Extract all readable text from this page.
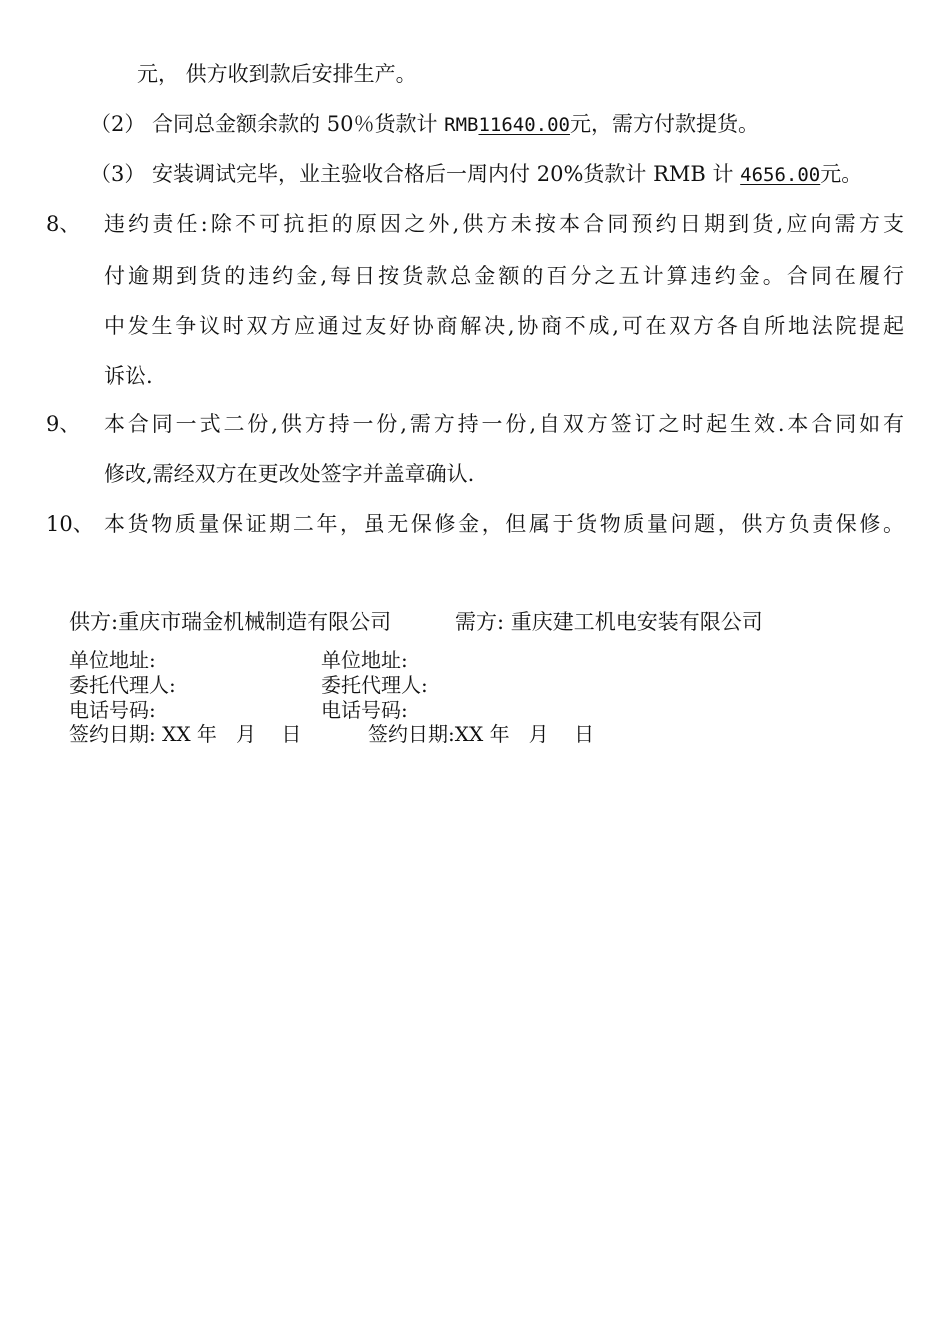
元， 供方收到款后安排生产。
（2） 合同总金额余款的 50％货款计 RMB11640.00元，需方付款提货。
（3） 安装调试完毕，业主验收合格后一周内付 20%货款计 RMB 计 4656.00元。
8、 违约责任:除不可抗拒的原因之外,供方未按本合同预约日期到货,应向需方支
付逾期到货的违约金,每日按货款总金额的百分之五计算违约金。合同在履行
中发生争议时双方应通过友好协商解决,协商不成,可在双方各自所地法院提起
诉讼.
9、 本合同一式二份,供方持一份,需方持一份,自双方签订之时起生效.本合同如有
修改,需经双方在更改处签字并盖章确认.
10、 本货物质量保证期二年，虽无保修金，但属于货物质量问题，供方负责保修。
供方:重庆市瑞金机械制造有限公司	需方: 重庆建工机电安装有限公司
单位地址:	单位地址:
委托代理人:	委托代理人:
电话号码:	电话号码:
签约日期: XX 年   月    日	签约日期:XX 年   月    日
